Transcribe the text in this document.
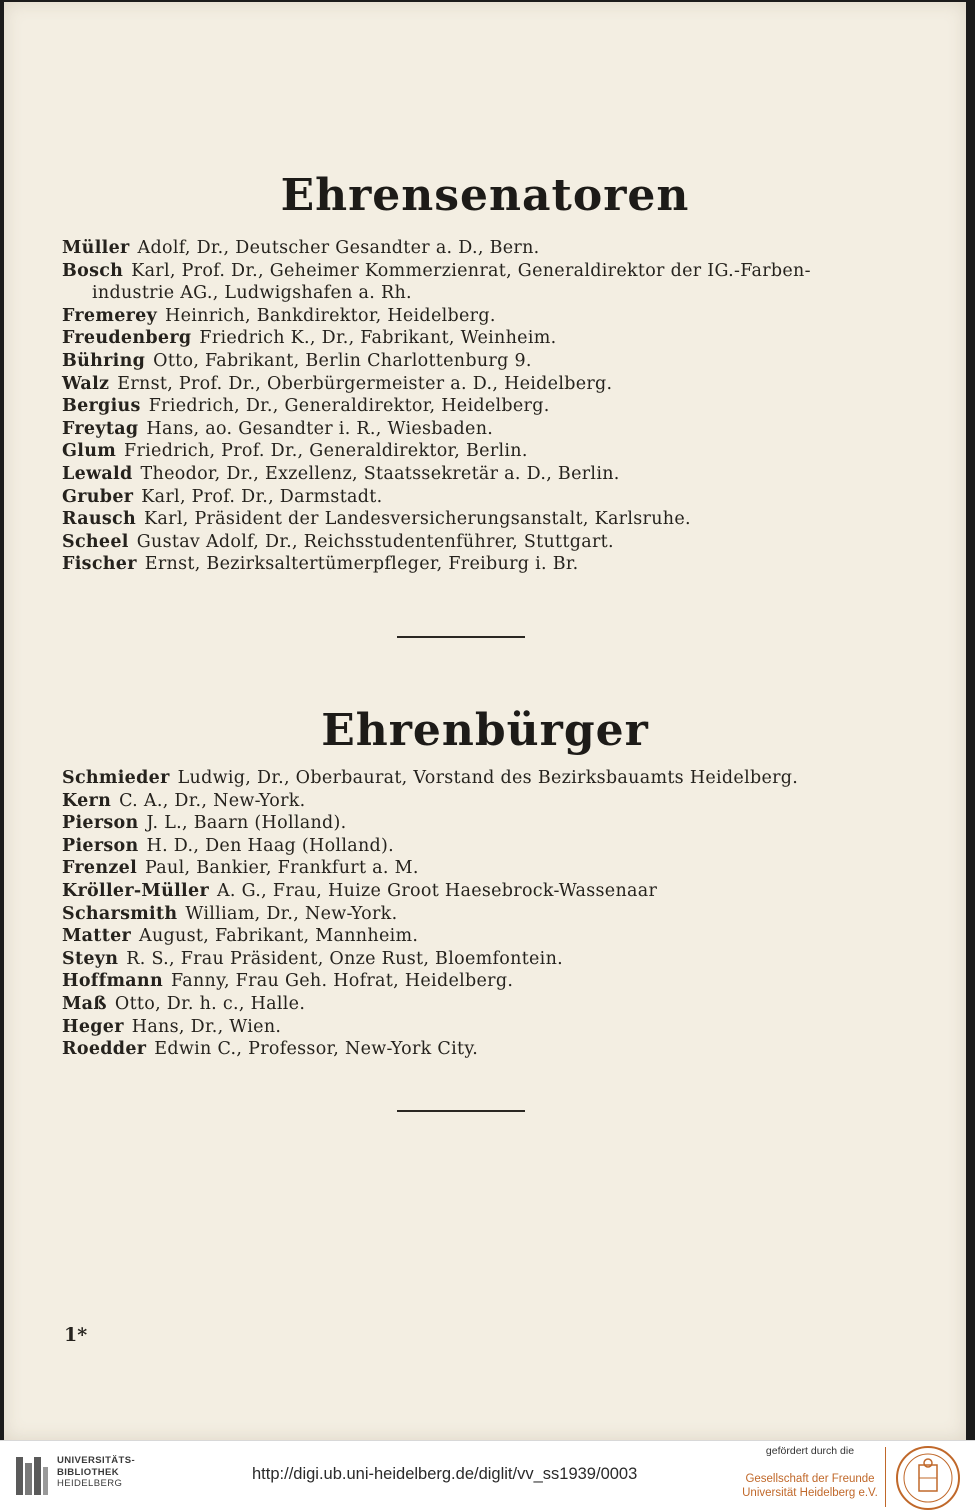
Ehrensenatoren
Müller Adolf, Dr., Deutscher Gesandter a. D., Bern.
Bosch Karl, Prof. Dr., Geheimer Kommerzienrat, Generaldirektor der IG.-Farben-
industrie AG., Ludwigshafen a. Rh.
Fremerey Heinrich, Bankdirektor, Heidelberg.
Freudenberg Friedrich K., Dr., Fabrikant, Weinheim.
Bühring Otto, Fabrikant, Berlin Charlottenburg 9.
Walz Ernst, Prof. Dr., Oberbürgermeister a. D., Heidelberg.
Bergius Friedrich, Dr., Generaldirektor, Heidelberg.
Freytag Hans, ao. Gesandter i. R., Wiesbaden.
Glum Friedrich, Prof. Dr., Generaldirektor, Berlin.
Lewald Theodor, Dr., Exzellenz, Staatssekretär a. D., Berlin.
Gruber Karl, Prof. Dr., Darmstadt.
Rausch Karl, Präsident der Landesversicherungsanstalt, Karlsruhe.
Scheel Gustav Adolf, Dr., Reichsstudentenführer, Stuttgart.
Fischer Ernst, Bezirksaltertümerpfleger, Freiburg i. Br.
Ehrenbürger
Schmieder Ludwig, Dr., Oberbaurat, Vorstand des Bezirksbauamts Heidelberg.
Kern C. A., Dr., New-York.
Pierson J. L., Baarn (Holland).
Pierson H. D., Den Haag (Holland).
Frenzel Paul, Bankier, Frankfurt a. M.
Kröller-Müller A. G., Frau, Huize Groot Haesebrock-Wassenaar
Scharsmith William, Dr., New-York.
Matter August, Fabrikant, Mannheim.
Steyn R. S., Frau Präsident, Onze Rust, Bloemfontein.
Hoffmann Fanny, Frau Geh. Hofrat, Heidelberg.
Maß Otto, Dr. h. c., Halle.
Heger Hans, Dr., Wien.
Roedder Edwin C., Professor, New-York City.
1*
UNIVERSITÄTS-
BIBLIOTHEK
HEIDELBERG
http://digi.ub.uni-heidelberg.de/diglit/vv_ss1939/0003
gefördert durch die
Gesellschaft der Freunde
Universität Heidelberg e.V.
